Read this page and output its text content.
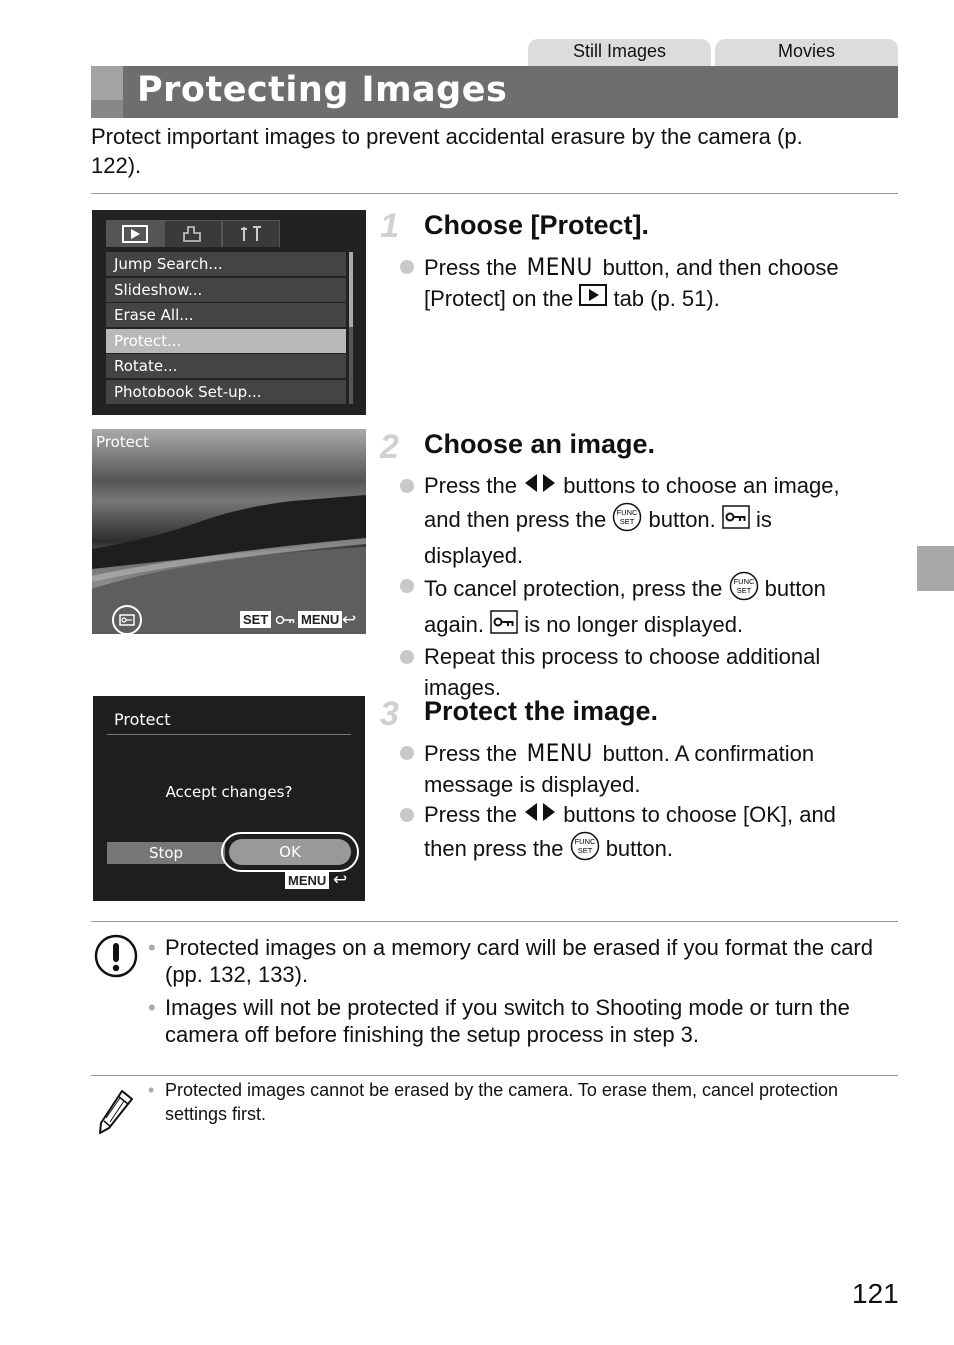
Still Images	Movies
Protecting Images
Protect important images to prevent accidental erasure by the camera (p. 122).
Jump Search...
Slideshow...
Erase All...
Protect...
Rotate...
Photobook Set-up...
Protect
SET	MENU ↩
Protect
Accept changes?
Stop	OK
MENU ↩
1 Choose [Protect].
Press the MENU button, and then choose
[Protect] on the tab (p. 51).
2 Choose an image.
Press the buttons to choose an image,
and then press the FUNC
SET button. is
displayed.
To cancel protection, press the FUNC
SET button
again. is no longer displayed.
Repeat this process to choose additional
images.
3 Protect the image.
Press the MENU button. A confirmation
message is displayed.
Press the buttons to choose [OK], and
then press the FUNC
SET button.
• Protected images on a memory card will be erased if you format the card (pp. 132, 133).
• Images will not be protected if you switch to Shooting mode or turn the camera off before finishing the setup process in step 3.
• Protected images cannot be erased by the camera. To erase them, cancel protection settings first.
121
